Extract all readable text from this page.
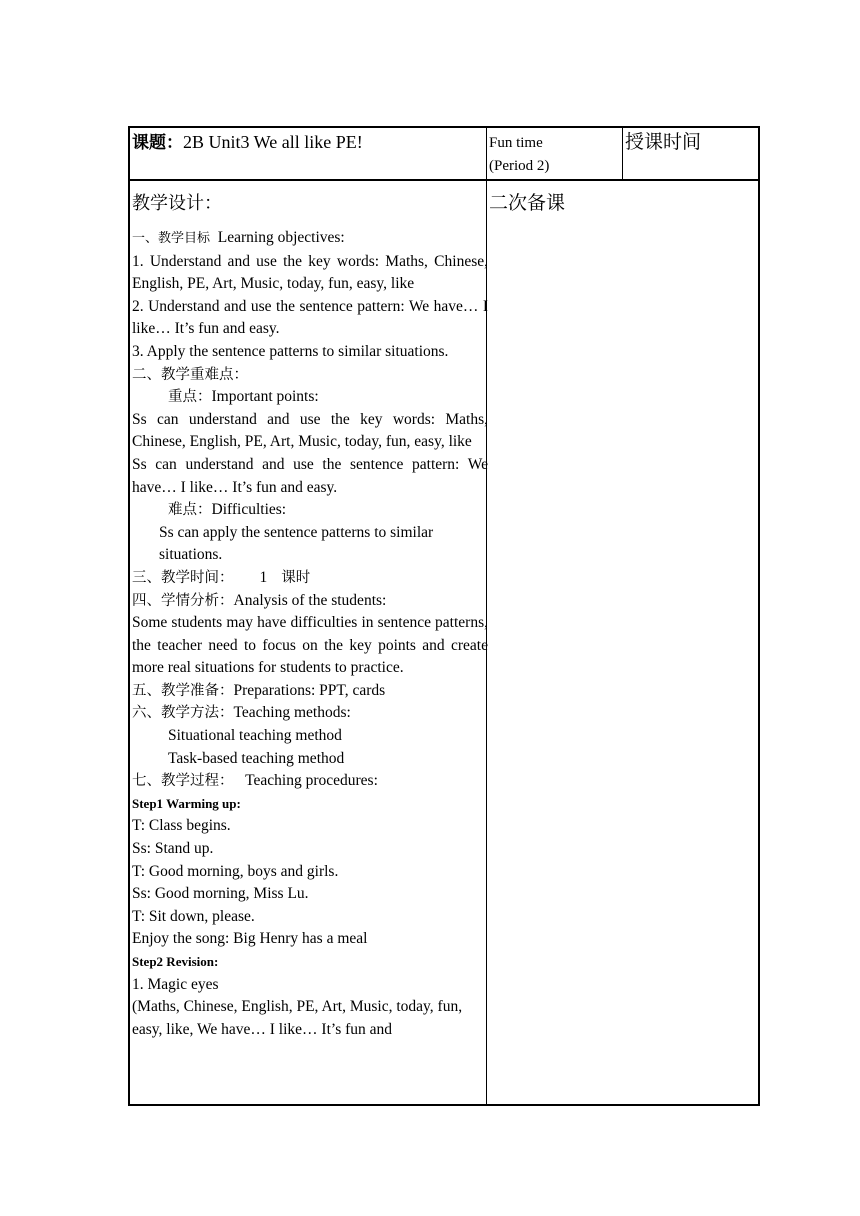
课题：2B Unit3 We all like PE!	Fun time
(Period 2)
授课时间
二次备课
教学设计：

一、教学目标 Learning objectives:

1. Understand and use the key words: Maths, Chinese, English, PE, Art, Music, today, fun, easy, like

2. Understand and use the sentence pattern: We have… I like… It’s fun and easy.

3. Apply the sentence patterns to similar situations.

二、教学重难点：

重点：Important points:

Ss can understand and use the key words: Maths, Chinese, English, PE, Art, Music, today, fun, easy, like

Ss can understand and use the sentence pattern: We have… I like… It’s fun and easy.

难点：Difficulties:

Ss can apply the sentence patterns to similar situations.

三、教学时间： 1 课时

四、学情分析：Analysis of the students:

Some students may have difficulties in sentence patterns, the teacher need to focus on the key points and create more real situations for students to practice.

五、教学准备：Preparations: PPT, cards

六、教学方法：Teaching methods:

Situational teaching method

Task-based teaching method

七、教学过程： Teaching procedures:

Step1 Warming up:

T: Class begins.

Ss: Stand up.

T: Good morning, boys and girls.

Ss: Good morning, Miss Lu.

T: Sit down, please.

Enjoy the song: Big Henry has a meal

Step2 Revision:

1. Magic eyes

(Maths, Chinese, English, PE, Art, Music, today, fun, easy, like, We have… I like… It’s fun and
